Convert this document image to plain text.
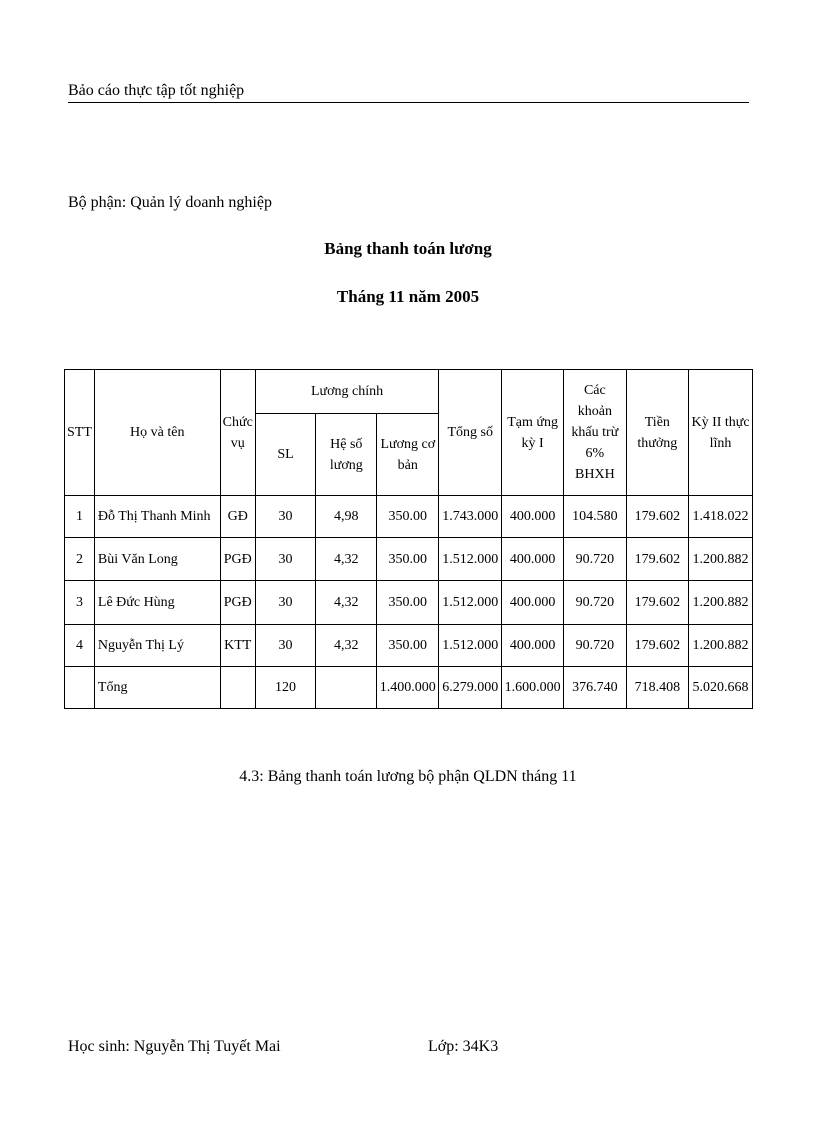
Bảo cáo thực tập tốt nghiệp
Bộ phận: Quản lý doanh nghiệp
Bảng thanh toán lương
Tháng 11 năm 2005
STT	Họ và tên	Chức vụ	Lương chính			Tổng số	Tạm ứng kỳ I	Các khoản khấu trừ 6% BHXH	Tiền thưởng	Kỳ II thực lĩnh
			SL	Hệ số lương	Lương cơ bản					
1	Đỗ Thị Thanh Minh	GĐ	30	4,98	350.00	1.743.000	400.000	104.580	179.602	1.418.022
2	Bùi Văn Long	PGĐ	30	4,32	350.00	1.512.000	400.000	90.720	179.602	1.200.882
3	Lê Đức Hùng	PGĐ	30	4,32	350.00	1.512.000	400.000	90.720	179.602	1.200.882
4	Nguyễn Thị Lý	KTT	30	4,32	350.00	1.512.000	400.000	90.720	179.602	1.200.882
	Tổng		120		1.400.000	6.279.000	1.600.000	376.740	718.408	5.020.668
4.3: Bảng thanh toán lương bộ phận QLDN tháng 11
Học sinh: Nguyễn Thị Tuyết Mai	Lớp: 34K3
